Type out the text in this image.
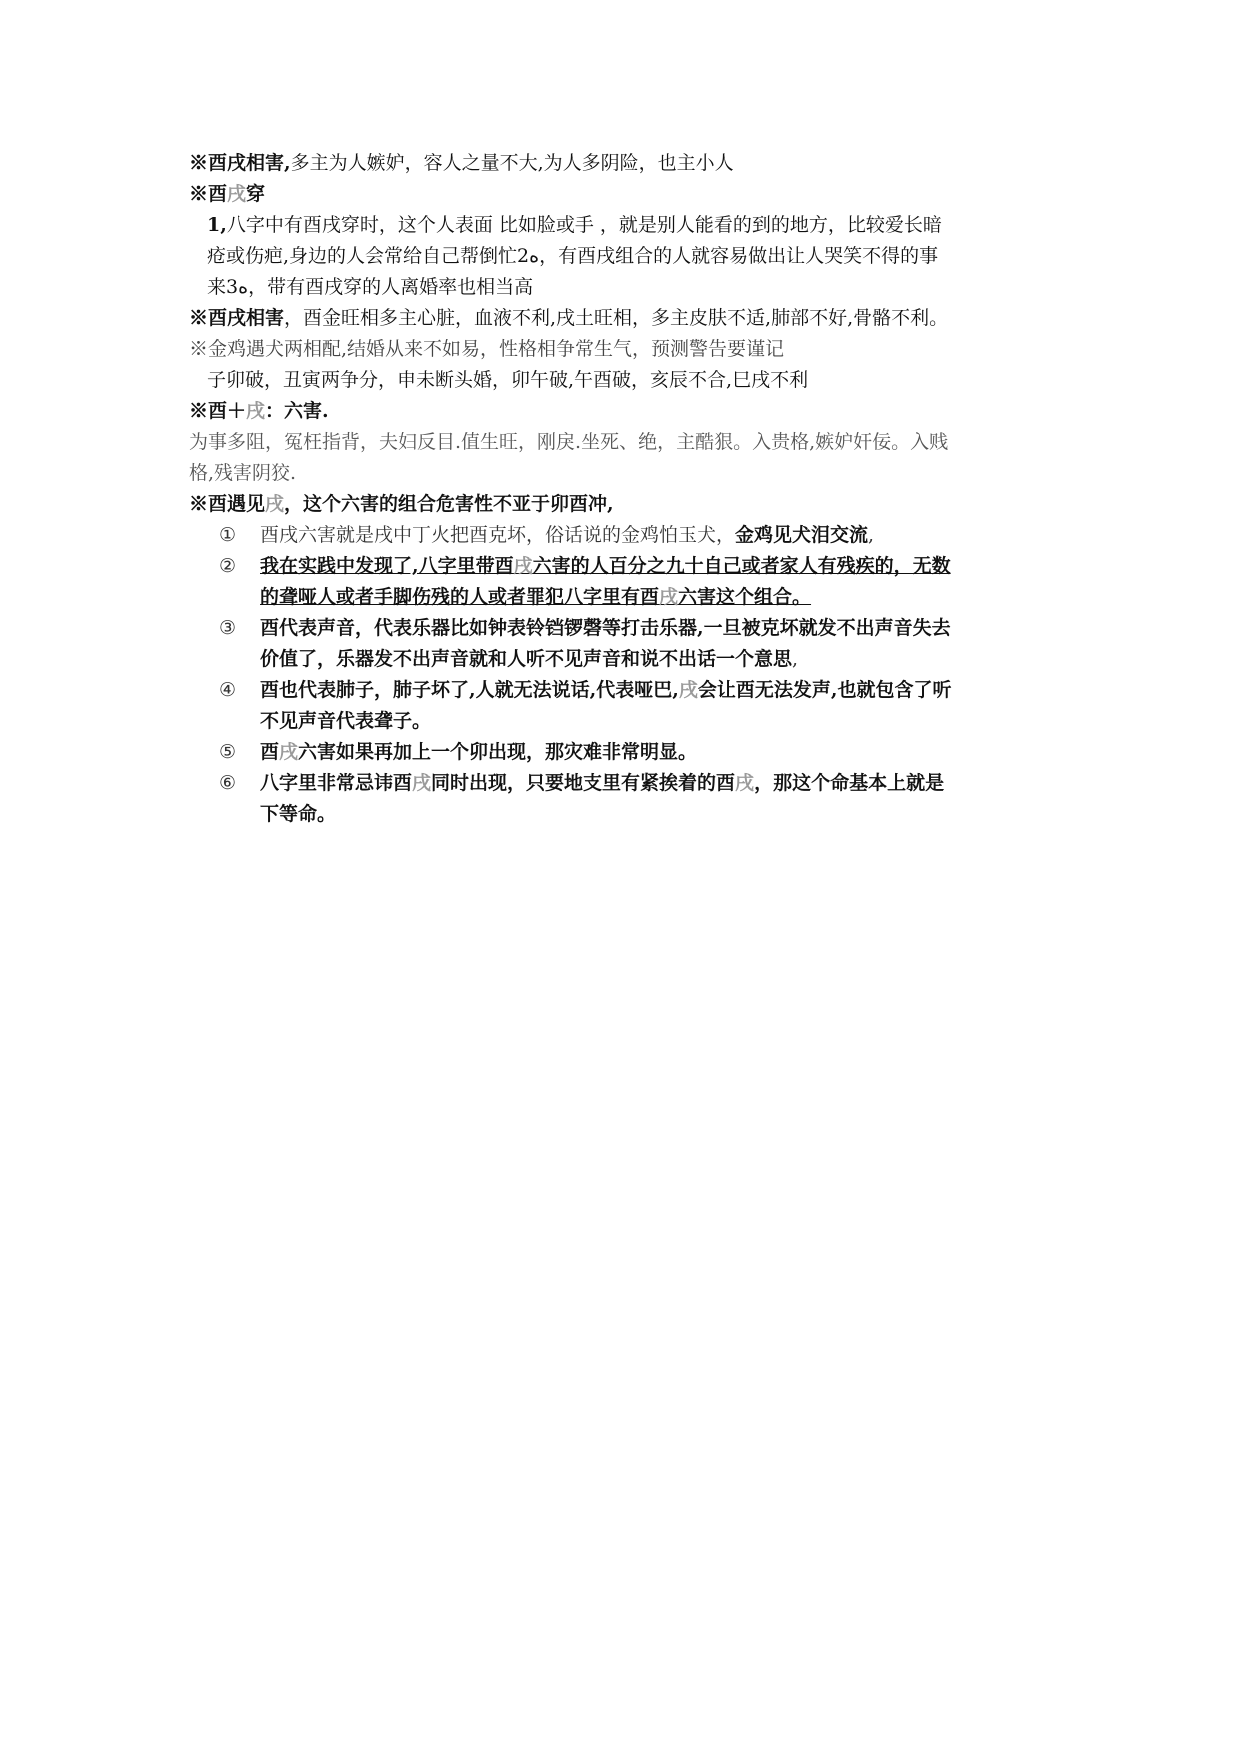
※酉戌相害,多主为人嫉妒，容人之量不大,为人多阴险，也主小人
※酉戌穿
1,八字中有酉戌穿时，这个人表面 比如脸或手 ，就是别人能看的到的地方，比较爱长暗
疮或伤疤,身边的人会常给自己帮倒忙2ه，有酉戌组合的人就容易做出让人哭笑不得的事
来3ه，带有酉戌穿的人离婚率也相当高
※酉戌相害，酉金旺相多主心脏，血液不利,戌土旺相，多主皮肤不适,肺部不好,骨骼不利。
※金鸡遇犬两相配,结婚从来不如易，性格相争常生气，预测警告要谨记
子卯破，丑寅两争分，申未断头婚，卯午破,午酉破，亥辰不合,巳戌不利
※酉＋戌：六害.
为事多阻，冤枉指背，夫妇反目.值生旺，刚戾.坐死、绝，主酷狠。入贵格,嫉妒奸佞。入贱
格,残害阴狡.
※酉遇见戌，这个六害的组合危害性不亚于卯酉冲,
①	酉戌六害就是戌中丁火把酉克坏，俗话说的金鸡怕玉犬，金鸡见犬泪交流,
②	我在实践中发现了,八字里带酉戌六害的人百分之九十自己或者家人有残疾的，无数
的聋哑人或者手脚伤残的人或者罪犯八字里有酉戌六害这个组合。
③	酉代表声音，代表乐器比如钟表铃铛锣磬等打击乐器,一旦被克坏就发不出声音失去
价值了，乐器发不出声音就和人听不见声音和说不出话一个意思,
④	酉也代表肺子，肺子坏了,人就无法说话,代表哑巴,戌会让酉无法发声,也就包含了听
不见声音代表聋子。
⑤	酉戌六害如果再加上一个卯出现，那灾难非常明显。
⑥	八字里非常忌讳酉戌同时出现，只要地支里有紧挨着的酉戌，那这个命基本上就是
下等命。
